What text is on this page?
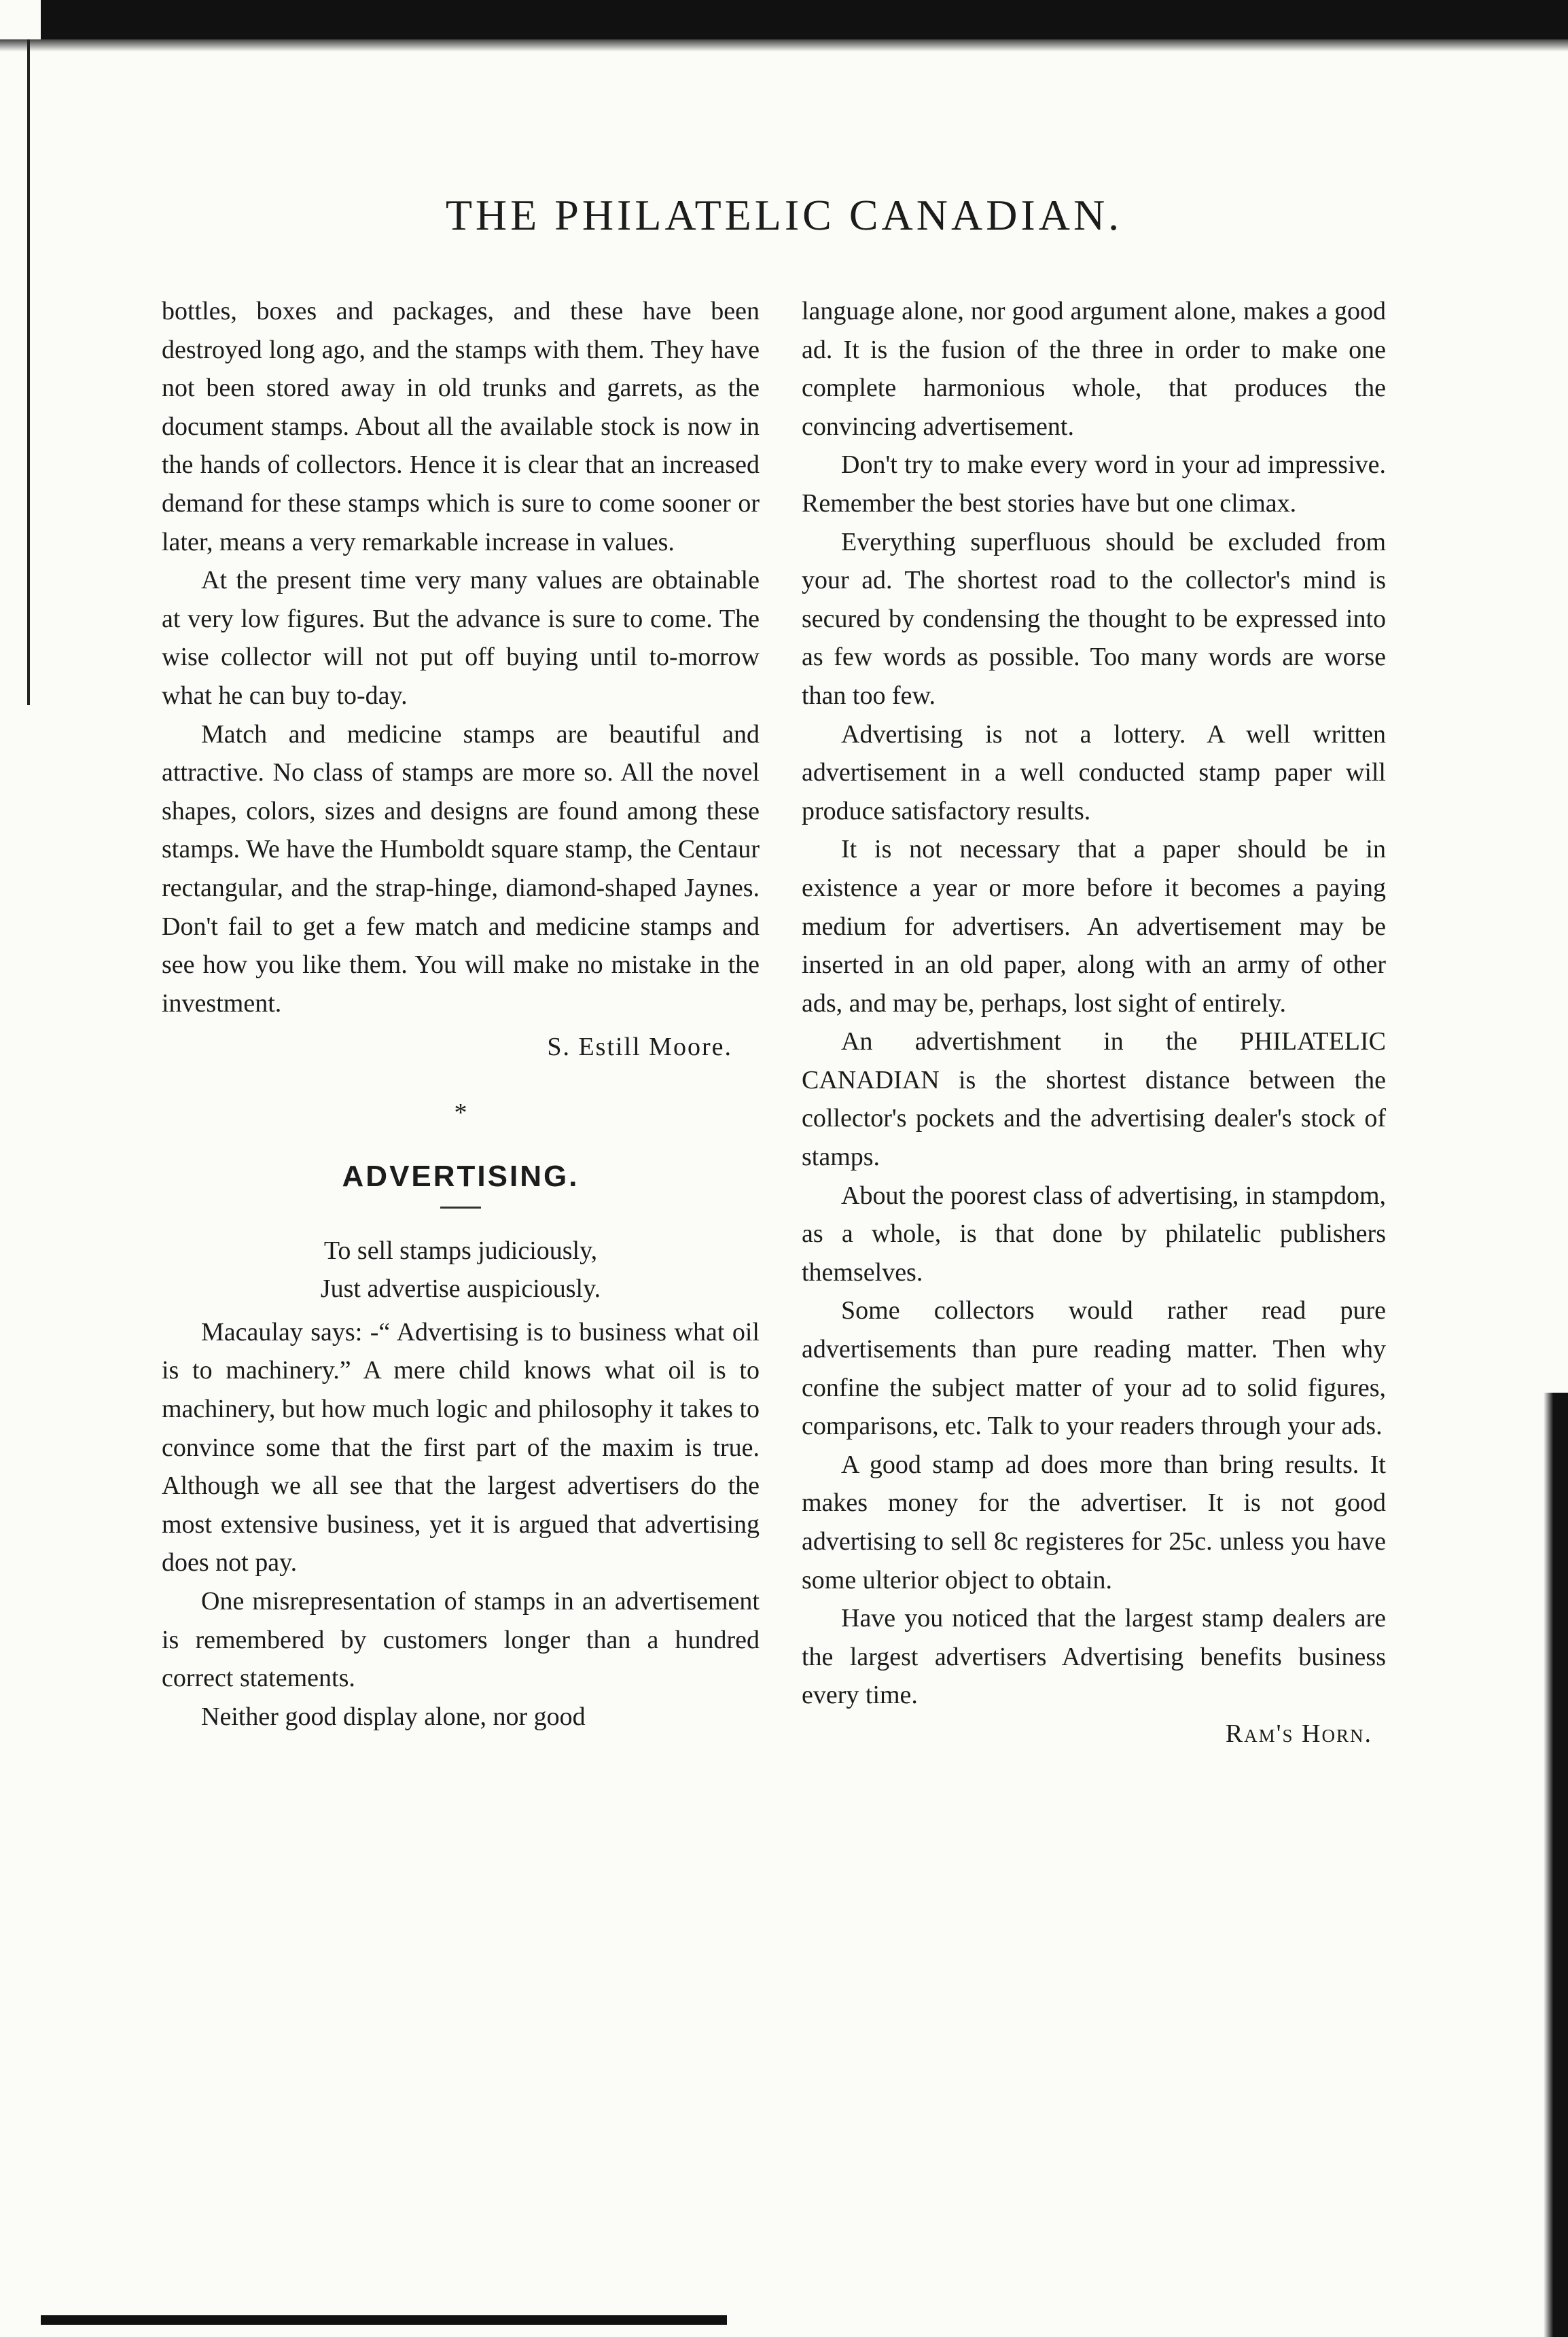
THE PHILATELIC CANADIAN.

bottles, boxes and packages, and these have been destroyed long ago, and the stamps with them. They have not been stored away in old trunks and garrets, as the document stamps. About all the available stock is now in the hands of collectors. Hence it is clear that an increased demand for these stamps which is sure to come sooner or later, means a very remarkable increase in values.

At the present time very many values are obtainable at very low figures. But the advance is sure to come. The wise collector will not put off buying until to-morrow what he can buy to-day.

Match and medicine stamps are beautiful and attractive. No class of stamps are more so. All the novel shapes, colors, sizes and designs are found among these stamps. We have the Humboldt square stamp, the Centaur rectangular, and the strap-hinge, diamond-shaped Jaynes. Don't fail to get a few match and medicine stamps and see how you like them. You will make no mistake in the investment.

S. Estill Moore.
*
ADVERTISING.
To sell stamps judiciously,
Just advertise auspiciously.

Macaulay says: -“ Advertising is to business what oil is to machinery.” A mere child knows what oil is to machinery, but how much logic and philosophy it takes to convince some that the first part of the maxim is true. Although we all see that the largest advertisers do the most extensive business, yet it is argued that advertising does not pay.

One misrepresentation of stamps in an advertisement is remembered by customers longer than a hundred correct statements.

Neither good display alone, nor good

language alone, nor good argument alone, makes a good ad. It is the fusion of the three in order to make one complete harmonious whole, that produces the convincing advertisement.

Don't try to make every word in your ad impressive. Remember the best stories have but one climax.

Everything superfluous should be excluded from your ad. The shortest road to the collector's mind is secured by condensing the thought to be expressed into as few words as possible. Too many words are worse than too few.

Advertising is not a lottery. A well written advertisement in a well conducted stamp paper will produce satisfactory results.

It is not necessary that a paper should be in existence a year or more before it becomes a paying medium for advertisers. An advertisement may be inserted in an old paper, along with an army of other ads, and may be, perhaps, lost sight of entirely.

An advertishment in the PHILATELIC CANADIAN is the shortest distance between the collector's pockets and the advertising dealer's stock of stamps.

About the poorest class of advertising, in stampdom, as a whole, is that done by philatelic publishers themselves.

Some collectors would rather read pure advertisements than pure reading matter. Then why confine the subject matter of your ad to solid figures, comparisons, etc. Talk to your readers through your ads.

A good stamp ad does more than bring results. It makes money for the advertiser. It is not good advertising to sell 8c registeres for 25c. unless you have some ulterior object to obtain.

Have you noticed that the largest stamp dealers are the largest advertisers Advertising benefits business every time.

Ram's Horn.
